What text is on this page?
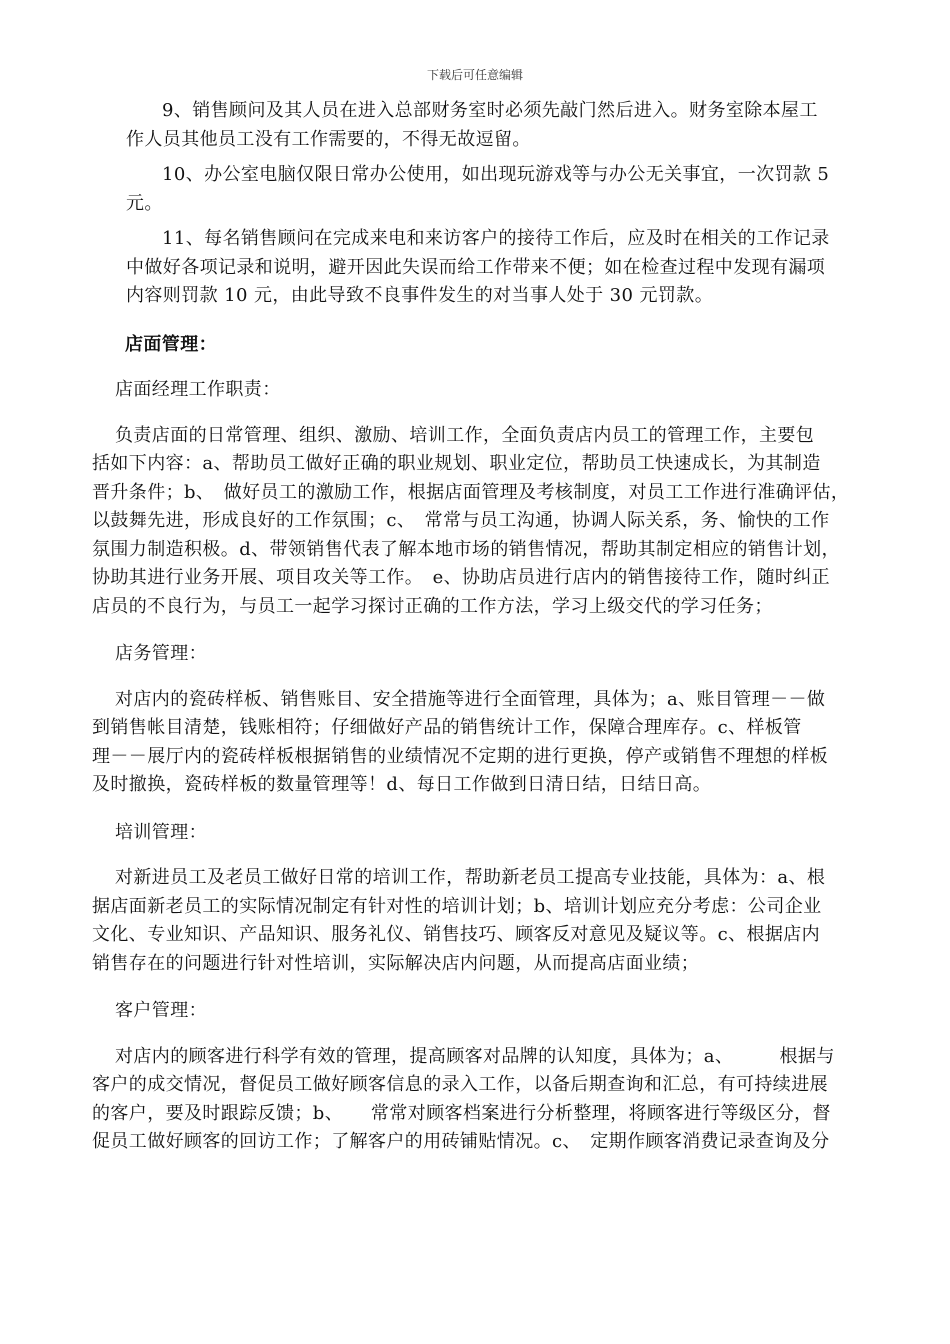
下载后可任意编辑

9、销售顾问及其人员在进入总部财务室时必须先敲门然后进入。财务室除本屋工

作人员其他员工没有工作需要的，不得无故逗留。

10、办公室电脑仅限日常办公使用，如出现玩游戏等与办公无关事宜，一次罚款 5

元。

11、每名销售顾问在完成来电和来访客户的接待工作后，应及时在相关的工作记录

中做好各项记录和说明，避开因此失误而给工作带来不便；如在检查过程中发现有漏项

内容则罚款 10 元，由此导致不良事件发生的对当事人处于 30 元罚款。

店面管理：

店面经理工作职责：

负责店面的日常管理、组织、激励、培训工作，全面负责店内员工的管理工作，主要包

括如下内容：a、帮助员工做好正确的职业规划、职业定位，帮助员工快速成长，为其制造

晋升条件；b、　做好员工的激励工作，根据店面管理及考核制度，对员工工作进行准确评估，

以鼓舞先进，形成良好的工作氛围；c、　常常与员工沟通，协调人际关系，务、愉快的工作

氛围力制造积极。d、带领销售代表了解本地市场的销售情况，帮助其制定相应的销售计划，

协助其进行业务开展、项目攻关等工作。　e、协助店员进行店内的销售接待工作，随时纠正

店员的不良行为，与员工一起学习探讨正确的工作方法，学习上级交代的学习任务；

店务管理：

对店内的瓷砖样板、销售账目、安全措施等进行全面管理，具体为；a、账目管理－－做

到销售帐目清楚，钱账相符；仔细做好产品的销售统计工作，保障合理库存。c、样板管

理－－展厅内的瓷砖样板根据销售的业绩情况不定期的进行更换，停产或销售不理想的样板

及时撤换，瓷砖样板的数量管理等！d、每日工作做到日清日结，日结日高。

培训管理：

对新进员工及老员工做好日常的培训工作，帮助新老员工提高专业技能，具体为：a、根

据店面新老员工的实际情况制定有针对性的培训计划；b、培训计划应充分考虑：公司企业

文化、专业知识、产品知识、服务礼仪、销售技巧、顾客反对意见及疑议等。c、根据店内

销售存在的问题进行针对性培训，实际解决店内问题，从而提高店面业绩；

客户管理：

对店内的顾客进行科学有效的管理，提高顾客对品牌的认知度，具体为；a、　　　根据与

客户的成交情况，督促员工做好顾客信息的录入工作，以备后期查询和汇总，有可持续进展

的客户，要及时跟踪反馈；b、　　常常对顾客档案进行分析整理，将顾客进行等级区分，督

促员工做好顾客的回访工作；了解客户的用砖铺贴情况。c、　定期作顾客消费记录查询及分
